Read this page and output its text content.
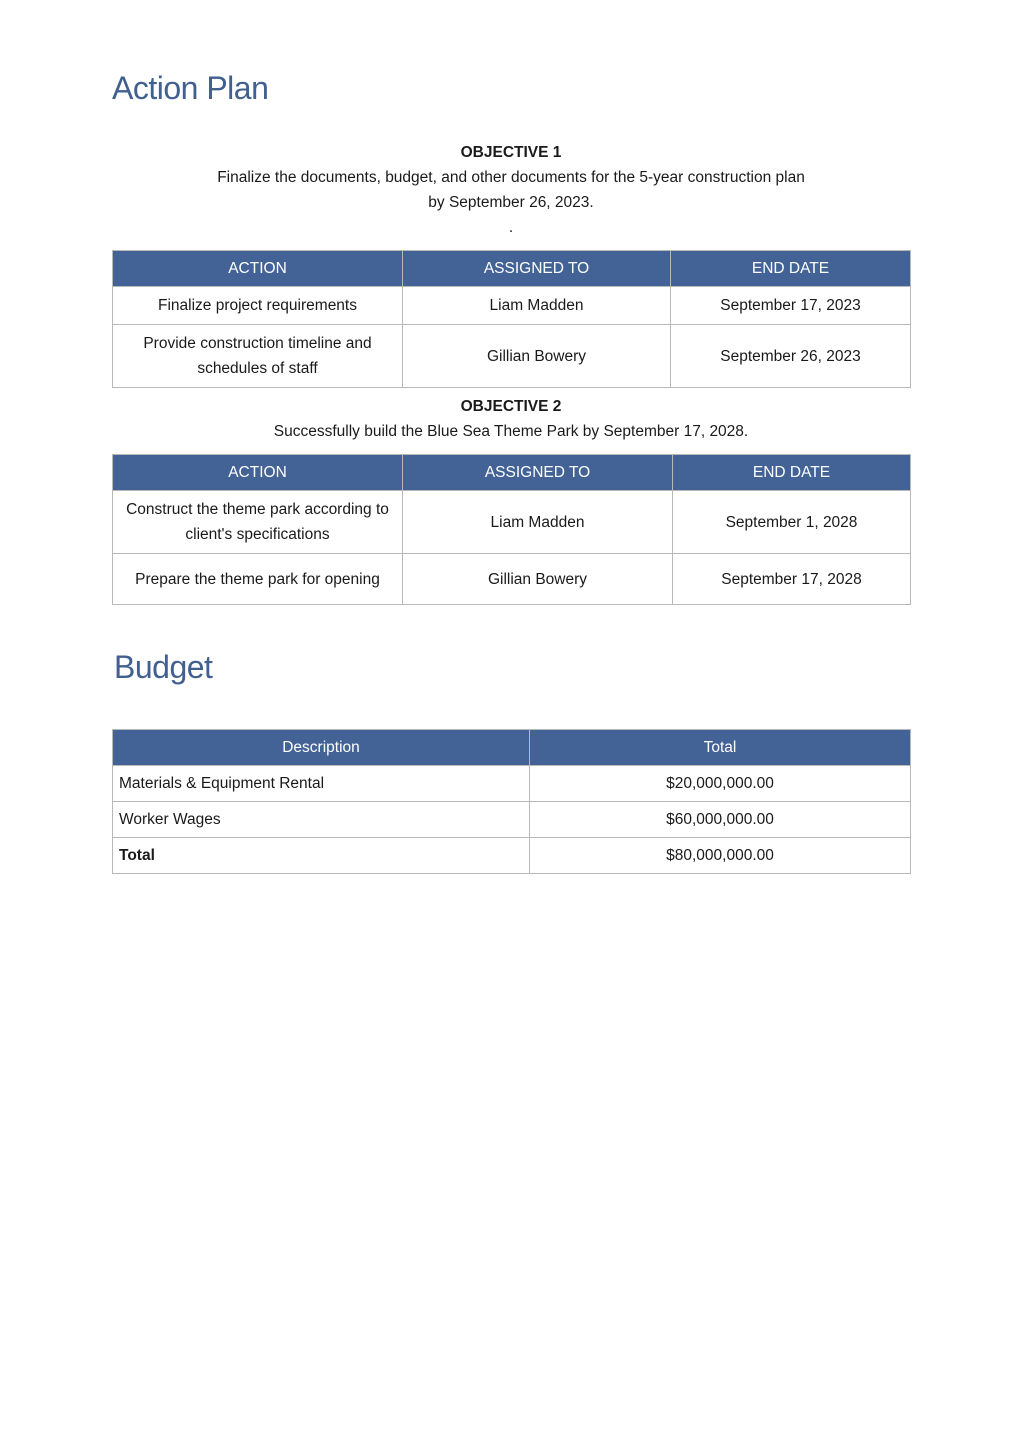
Action Plan
OBJECTIVE 1
Finalize the documents, budget, and other documents for the 5-year construction plan
by September 26, 2023.
.
ACTION	ASSIGNED TO	END DATE
Finalize project requirements	Liam Madden	September 17, 2023
Provide construction timeline and schedules of staff	Gillian Bowery	September 26, 2023
OBJECTIVE 2
Successfully build the Blue Sea Theme Park by September 17, 2028.
ACTION	ASSIGNED TO	END DATE
Construct the theme park according to client's specifications	Liam Madden	September 1, 2028
Prepare the theme park for opening	Gillian Bowery	September 17, 2028
Budget
Description	Total
Materials & Equipment Rental	$20,000,000.00
Worker Wages	$60,000,000.00
Total	$80,000,000.00
